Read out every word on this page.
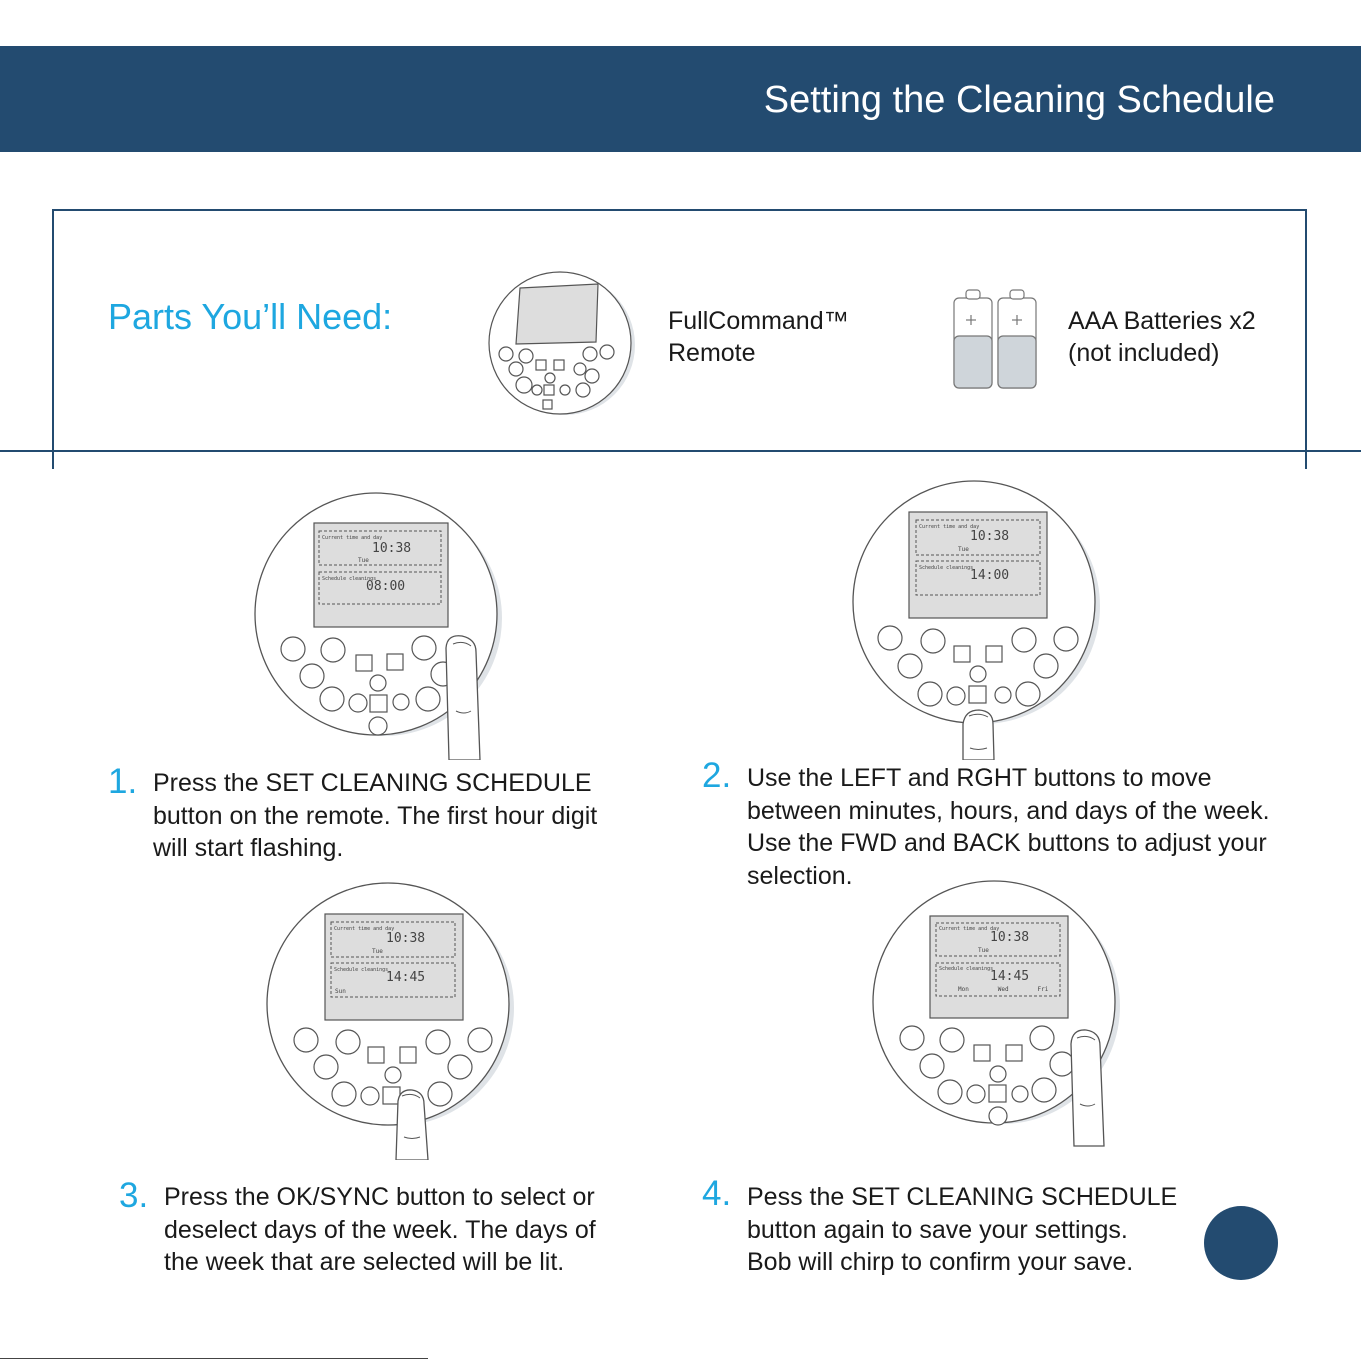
Setting the Cleaning Schedule
Parts You’ll Need:	FullCommand™
Remote
AAA Batteries x2
(not included)
Current time and day
10:38
Tue
Schedule cleanings
08:00
Current time and day
10:38
Tue
Schedule cleanings
14:00
Current time and day
10:38
Tue
Schedule cleanings
14:45
Sun
Current time and day
10:38
Tue
Schedule cleanings
14:45
Mon        Wed        Fri
1. Press the SET CLEANING SCHEDULE
button on the remote. The first hour digit
will start flashing.
2. Use the LEFT and RGHT buttons to move
between minutes, hours, and days of the week.
Use the FWD and BACK buttons to adjust your
selection.
3. Press the OK/SYNC button to select or
deselect days of the week. The days of
the week that are selected will be lit.
4. Pess the SET CLEANING SCHEDULE
button again to save your settings.
Bob will chirp to confirm your save.
